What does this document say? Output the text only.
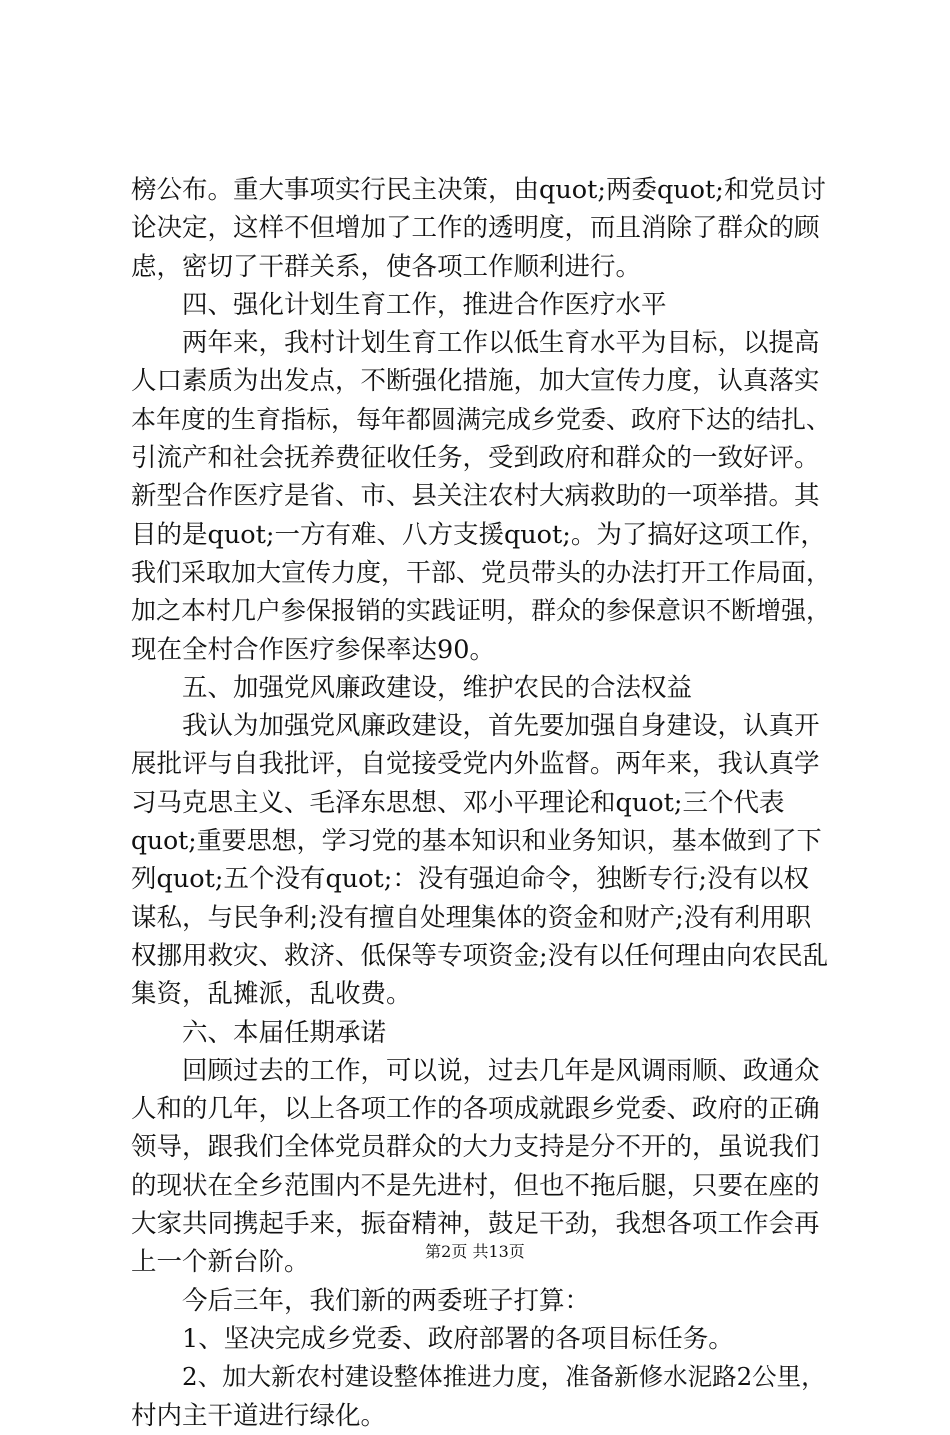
榜公布。重大事项实行民主决策，由quot;两委quot;和党员讨
论决定，这样不但增加了工作的透明度，而且消除了群众的顾
虑，密切了干群关系，使各项工作顺利进行。
四、强化计划生育工作，推进合作医疗水平
两年来，我村计划生育工作以低生育水平为目标，以提高
人口素质为出发点，不断强化措施，加大宣传力度，认真落实
本年度的生育指标，每年都圆满完成乡党委、政府下达的结扎、
引流产和社会抚养费征收任务，受到政府和群众的一致好评。
新型合作医疗是省、市、县关注农村大病救助的一项举措。其
目的是quot;一方有难、八方支援quot;。为了搞好这项工作，
我们采取加大宣传力度，干部、党员带头的办法打开工作局面，
加之本村几户参保报销的实践证明，群众的参保意识不断增强，
现在全村合作医疗参保率达90。
五、加强党风廉政建设，维护农民的合法权益
我认为加强党风廉政建设，首先要加强自身建设，认真开
展批评与自我批评，自觉接受党内外监督。两年来，我认真学
习马克思主义、毛泽东思想、邓小平理论和quot;三个代表
quot;重要思想，学习党的基本知识和业务知识，基本做到了下
列quot;五个没有quot;：没有强迫命令，独断专行;没有以权
谋私，与民争利;没有擅自处理集体的资金和财产;没有利用职
权挪用救灾、救济、低保等专项资金;没有以任何理由向农民乱
集资，乱摊派，乱收费。
六、本届任期承诺
回顾过去的工作，可以说，过去几年是风调雨顺、政通众
人和的几年，以上各项工作的各项成就跟乡党委、政府的正确
领导，跟我们全体党员群众的大力支持是分不开的，虽说我们
的现状在全乡范围内不是先进村，但也不拖后腿，只要在座的
大家共同携起手来，振奋精神，鼓足干劲，我想各项工作会再
上一个新台阶。
今后三年，我们新的两委班子打算：
1、坚决完成乡党委、政府部署的各项目标任务。
2、加大新农村建设整体推进力度，准备新修水泥路2公里，
村内主干道进行绿化。
第2页 共13页
